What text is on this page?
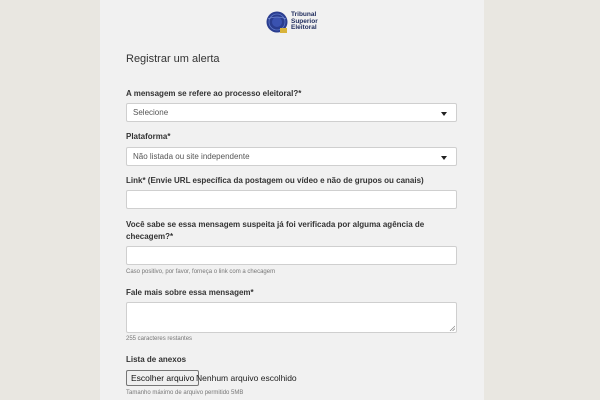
Tribunal
Superior
Eleitoral
Registrar um alerta
A mensagem se refere ao processo eleitoral?*
Selecione
Plataforma*
Não listada ou site independente
Link* (Envie URL específica da postagem ou vídeo e não de grupos ou canais)
Você sabe se essa mensagem suspeita já foi verificada por alguma agência de checagem?*
Caso positivo, por favor, forneça o link com a checagem
Fale mais sobre essa mensagem*
255 caracteres restantes
Lista de anexos
Escolher arquivo Nenhum arquivo escolhido
Tamanho máximo de arquivo permitido 5MB
